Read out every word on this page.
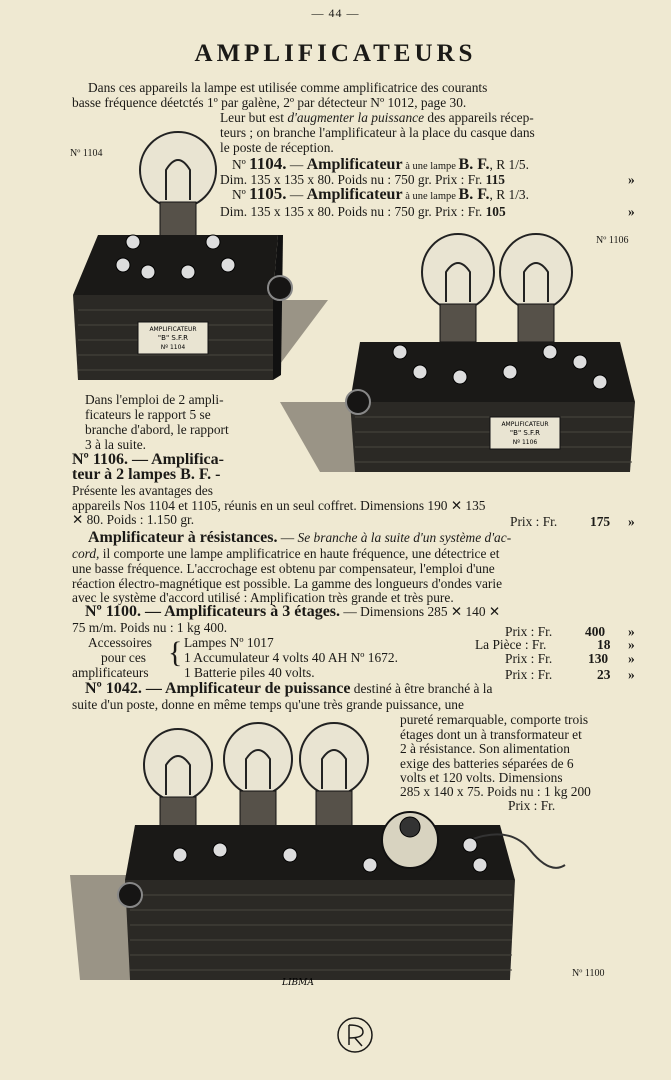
— 44 —
AMPLIFICATEURS
Dans ces appareils la lampe est utilisée comme amplificatrice des courants
basse fréquence déetctés 1º par galène, 2º par détecteur Nº 1012, page 30.
Leur but est d'augmenter la puissance des appareils récep-
teurs ; on branche l'amplificateur à la place du casque dans
le poste de réception.
Nº 1104
Nº 1106
Nº 1104. — Amplificateur à une lampe B. F., R 1/5.
Dim. 135 x 135 x 80. Poids nu : 750 gr. Prix : Fr. 115	»
Nº 1105. — Amplificateur à une lampe B. F., R 1/3.
Dim. 135 x 135 x 80. Poids nu : 750 gr. Prix : Fr. 105	»
AMPLIFICATEUR
"B" S.F.R
Nº 1104
AMPLIFICATEUR
"B" S.F.R
Nº 1106
Dans l'emploi de 2 ampli-
ficateurs le rapport 5 se
branche d'abord, le rapport
3 à la suite.
Nº 1106. — Amplifica-
teur à 2 lampes B. F. -
Présente les avantages des
appareils Nos 1104 et 1105, réunis en un seul coffret. Dimensions 190 ✕ 135
✕ 80. Poids : 1.150 gr.	Prix : Fr. 175 »
Amplificateur à résistances. — Se branche à la suite d'un système d'ac-
cord, il comporte une lampe amplificatrice en haute fréquence, une détectrice et
une basse fréquence. L'accrochage est obtenu par compensateur, l'emploi d'une
réaction électro-magnétique est possible. La gamme des longueurs d'ondes varie
avec le système d'accord utilisé : Amplification très grande et très pure.
Nº 1100. — Amplificateurs à 3 étages. — Dimensions 285 ✕ 140 ✕
75 m/m. Poids nu : 1 kg 400.	Prix : Fr. 400 »
Accessoires
pour ces
amplificateurs
{ Lampes Nº 1017	La Pièce : Fr.	18 »
1 Accumulateur 4 volts 40 AH Nº 1672.	Prix : Fr.	130 »
1 Batterie piles 40 volts.	Prix : Fr.	23 »
Nº 1042. — Amplificateur de puissance destiné à être branché à la
suite d'un poste, donne en même temps qu'une très grande puissance, une
pureté remarquable, comporte trois
étages dont un à transformateur et
2 à résistance. Son alimentation
exige des batteries séparées de 6
volts et 120 volts. Dimensions
285 x 140 x 75. Poids nu : 1 kg 200
Prix : Fr.
LIBMA
Nº 1100
